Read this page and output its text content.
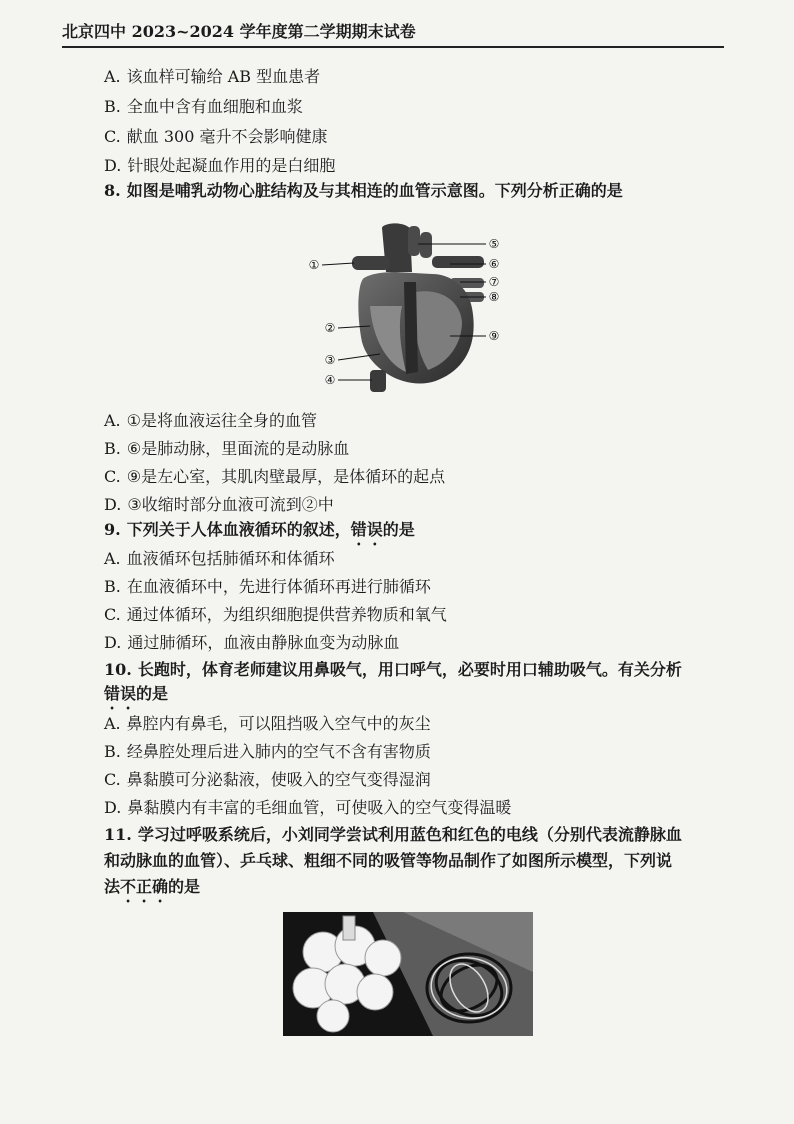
北京四中 2023~2024 学年度第二学期期末试卷
A. 该血样可输给 AB 型血患者
B. 全血中含有血细胞和血浆
C. 献血 300 毫升不会影响健康
D. 针眼处起凝血作用的是白细胞
8. 如图是哺乳动物心脏结构及与其相连的血管示意图。下列分析正确的是
①
②
③
④
⑤
⑥
⑦
⑧
⑨
A. ①是将血液运往全身的血管
B. ⑥是肺动脉，里面流的是动脉血
C. ⑨是左心室，其肌肉壁最厚，是体循环的起点
D. ③收缩时部分血液可流到②中
9. 下列关于人体血液循环的叙述，错误的是
A. 血液循环包括肺循环和体循环
B. 在血液循环中，先进行体循环再进行肺循环
C. 通过体循环，为组织细胞提供营养物质和氧气
D. 通过肺循环，血液由静脉血变为动脉血
10. 长跑时，体育老师建议用鼻吸气，用口呼气，必要时用口辅助吸气。有关分析
错误的是
A. 鼻腔内有鼻毛，可以阻挡吸入空气中的灰尘
B. 经鼻腔处理后进入肺内的空气不含有害物质
C. 鼻黏膜可分泌黏液，使吸入的空气变得湿润
D. 鼻黏膜内有丰富的毛细血管，可使吸入的空气变得温暖
11. 学习过呼吸系统后，小刘同学尝试利用蓝色和红色的电线（分别代表流静脉血
和动脉血的血管）、乒乓球、粗细不同的吸管等物品制作了如图所示模型，下列说
法不正确的是
